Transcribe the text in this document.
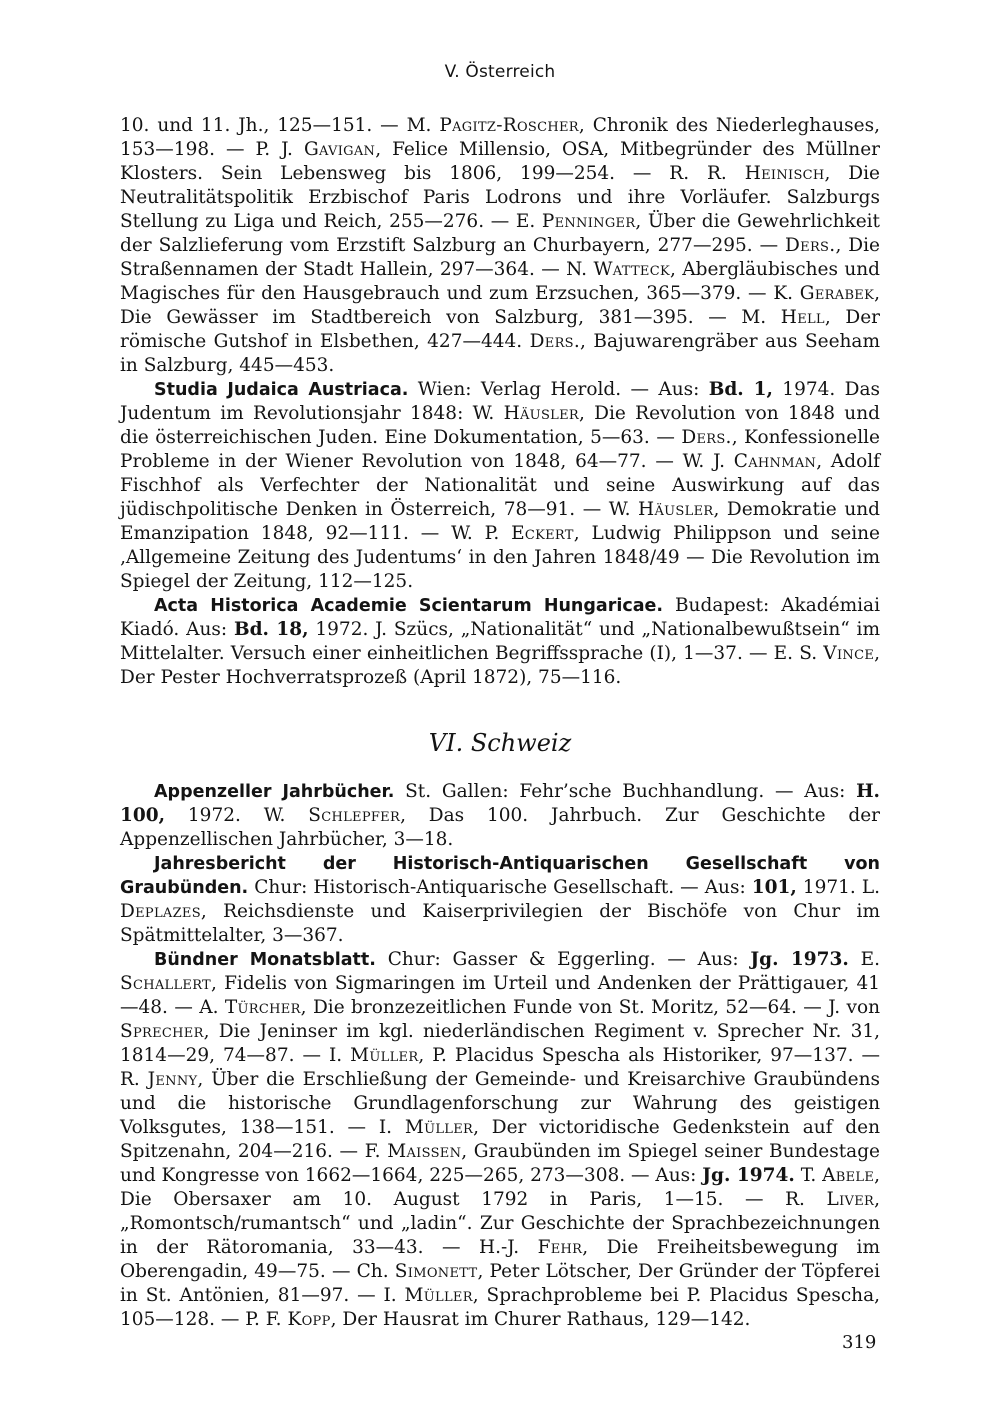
V. Österreich

10. und 11. Jh., 125—151. — M. Pagitz-Roscher, Chronik des Niederleghauses, 153—198. — P. J. Gavigan, Felice Millensio, OSA, Mitbegründer des Müllner Klosters. Sein Lebensweg bis 1806, 199—254. — R. R. Heinisch, Die Neutralitätspolitik Erzbischof Paris Lodrons und ihre Vorläufer. Salzburgs Stellung zu Liga und Reich, 255—276. — E. Penninger, Über die Gewehrlichkeit der Salzlieferung vom Erzstift Salzburg an Churbayern, 277—295. — Ders., Die Straßennamen der Stadt Hallein, 297—364. — N. Watteck, Abergläubisches und Magisches für den Hausgebrauch und zum Erzsuchen, 365—379. — K. Gerabek, Die Gewässer im Stadtbereich von Salzburg, 381—395. — M. Hell, Der römische Gutshof in Elsbethen, 427—444. Ders., Bajuwarengräber aus Seeham in Salzburg, 445—453.

Studia Judaica Austriaca. Wien: Verlag Herold. — Aus: Bd. 1, 1974. Das Judentum im Revolutionsjahr 1848: W. Häusler, Die Revolution von 1848 und die österreichischen Juden. Eine Dokumentation, 5—63. — Ders., Konfessionelle Probleme in der Wiener Revolution von 1848, 64—77. — W. J. Cahnman, Adolf Fischhof als Verfechter der Nationalität und seine Auswirkung auf das jüdischpolitische Denken in Österreich, 78—91. — W. Häusler, Demokratie und Emanzipation 1848, 92—111. — W. P. Eckert, Ludwig Philippson und seine ‚Allgemeine Zeitung des Judentums‘ in den Jahren 1848/49 — Die Revolution im Spiegel der Zeitung, 112—125.

Acta Historica Academie Scientarum Hungaricae. Budapest: Akadémiai Kiadó. Aus: Bd. 18, 1972. J. Szücs, „Nationalität“ und „Nationalbewußtsein“ im Mittelalter. Versuch einer einheitlichen Begriffssprache (I), 1—37. — E. S. Vince, Der Pester Hochverratsprozeß (April 1872), 75—116.

VI. Schweiz

Appenzeller Jahrbücher. St. Gallen: Fehr’sche Buchhandlung. — Aus: H. 100, 1972. W. Schlepfer, Das 100. Jahrbuch. Zur Geschichte der Appenzellischen Jahrbücher, 3—18.

Jahresbericht der Historisch-Antiquarischen Gesellschaft von Graubünden. Chur: Historisch-Antiquarische Gesellschaft. — Aus: 101, 1971. L. Deplazes, Reichsdienste und Kaiserprivilegien der Bischöfe von Chur im Spätmittelalter, 3—367.

Bündner Monatsblatt. Chur: Gasser & Eggerling. — Aus: Jg. 1973. E. Schallert, Fidelis von Sigmaringen im Urteil und Andenken der Prättigauer, 41—48. — A. Türcher, Die bronzezeitlichen Funde von St. Moritz, 52—64. — J. von Sprecher, Die Jeninser im kgl. niederländischen Regiment v. Sprecher Nr. 31, 1814—29, 74—87. — I. Müller, P. Placidus Spescha als Historiker, 97—137. — R. Jenny, Über die Erschließung der Gemeinde- und Kreisarchive Graubündens und die historische Grundlagenforschung zur Wahrung des geistigen Volksgutes, 138—151. — I. Müller, Der victoridische Gedenkstein auf den Spitzenahn, 204—216. — F. Maissen, Graubünden im Spiegel seiner Bundestage und Kongresse von 1662—1664, 225—265, 273—308. — Aus: Jg. 1974. T. Abele, Die Obersaxer am 10. August 1792 in Paris, 1—15. — R. Liver, „Romontsch/rumantsch“ und „ladin“. Zur Geschichte der Sprachbezeichnungen in der Rätoromania, 33—43. — H.-J. Fehr, Die Freiheitsbewegung im Oberengadin, 49—75. — Ch. Simonett, Peter Lötscher, Der Gründer der Töpferei in St. Antönien, 81—97. — I. Müller, Sprachprobleme bei P. Placidus Spescha, 105—128. — P. F. Kopp, Der Hausrat im Churer Rathaus, 129—142.

319
